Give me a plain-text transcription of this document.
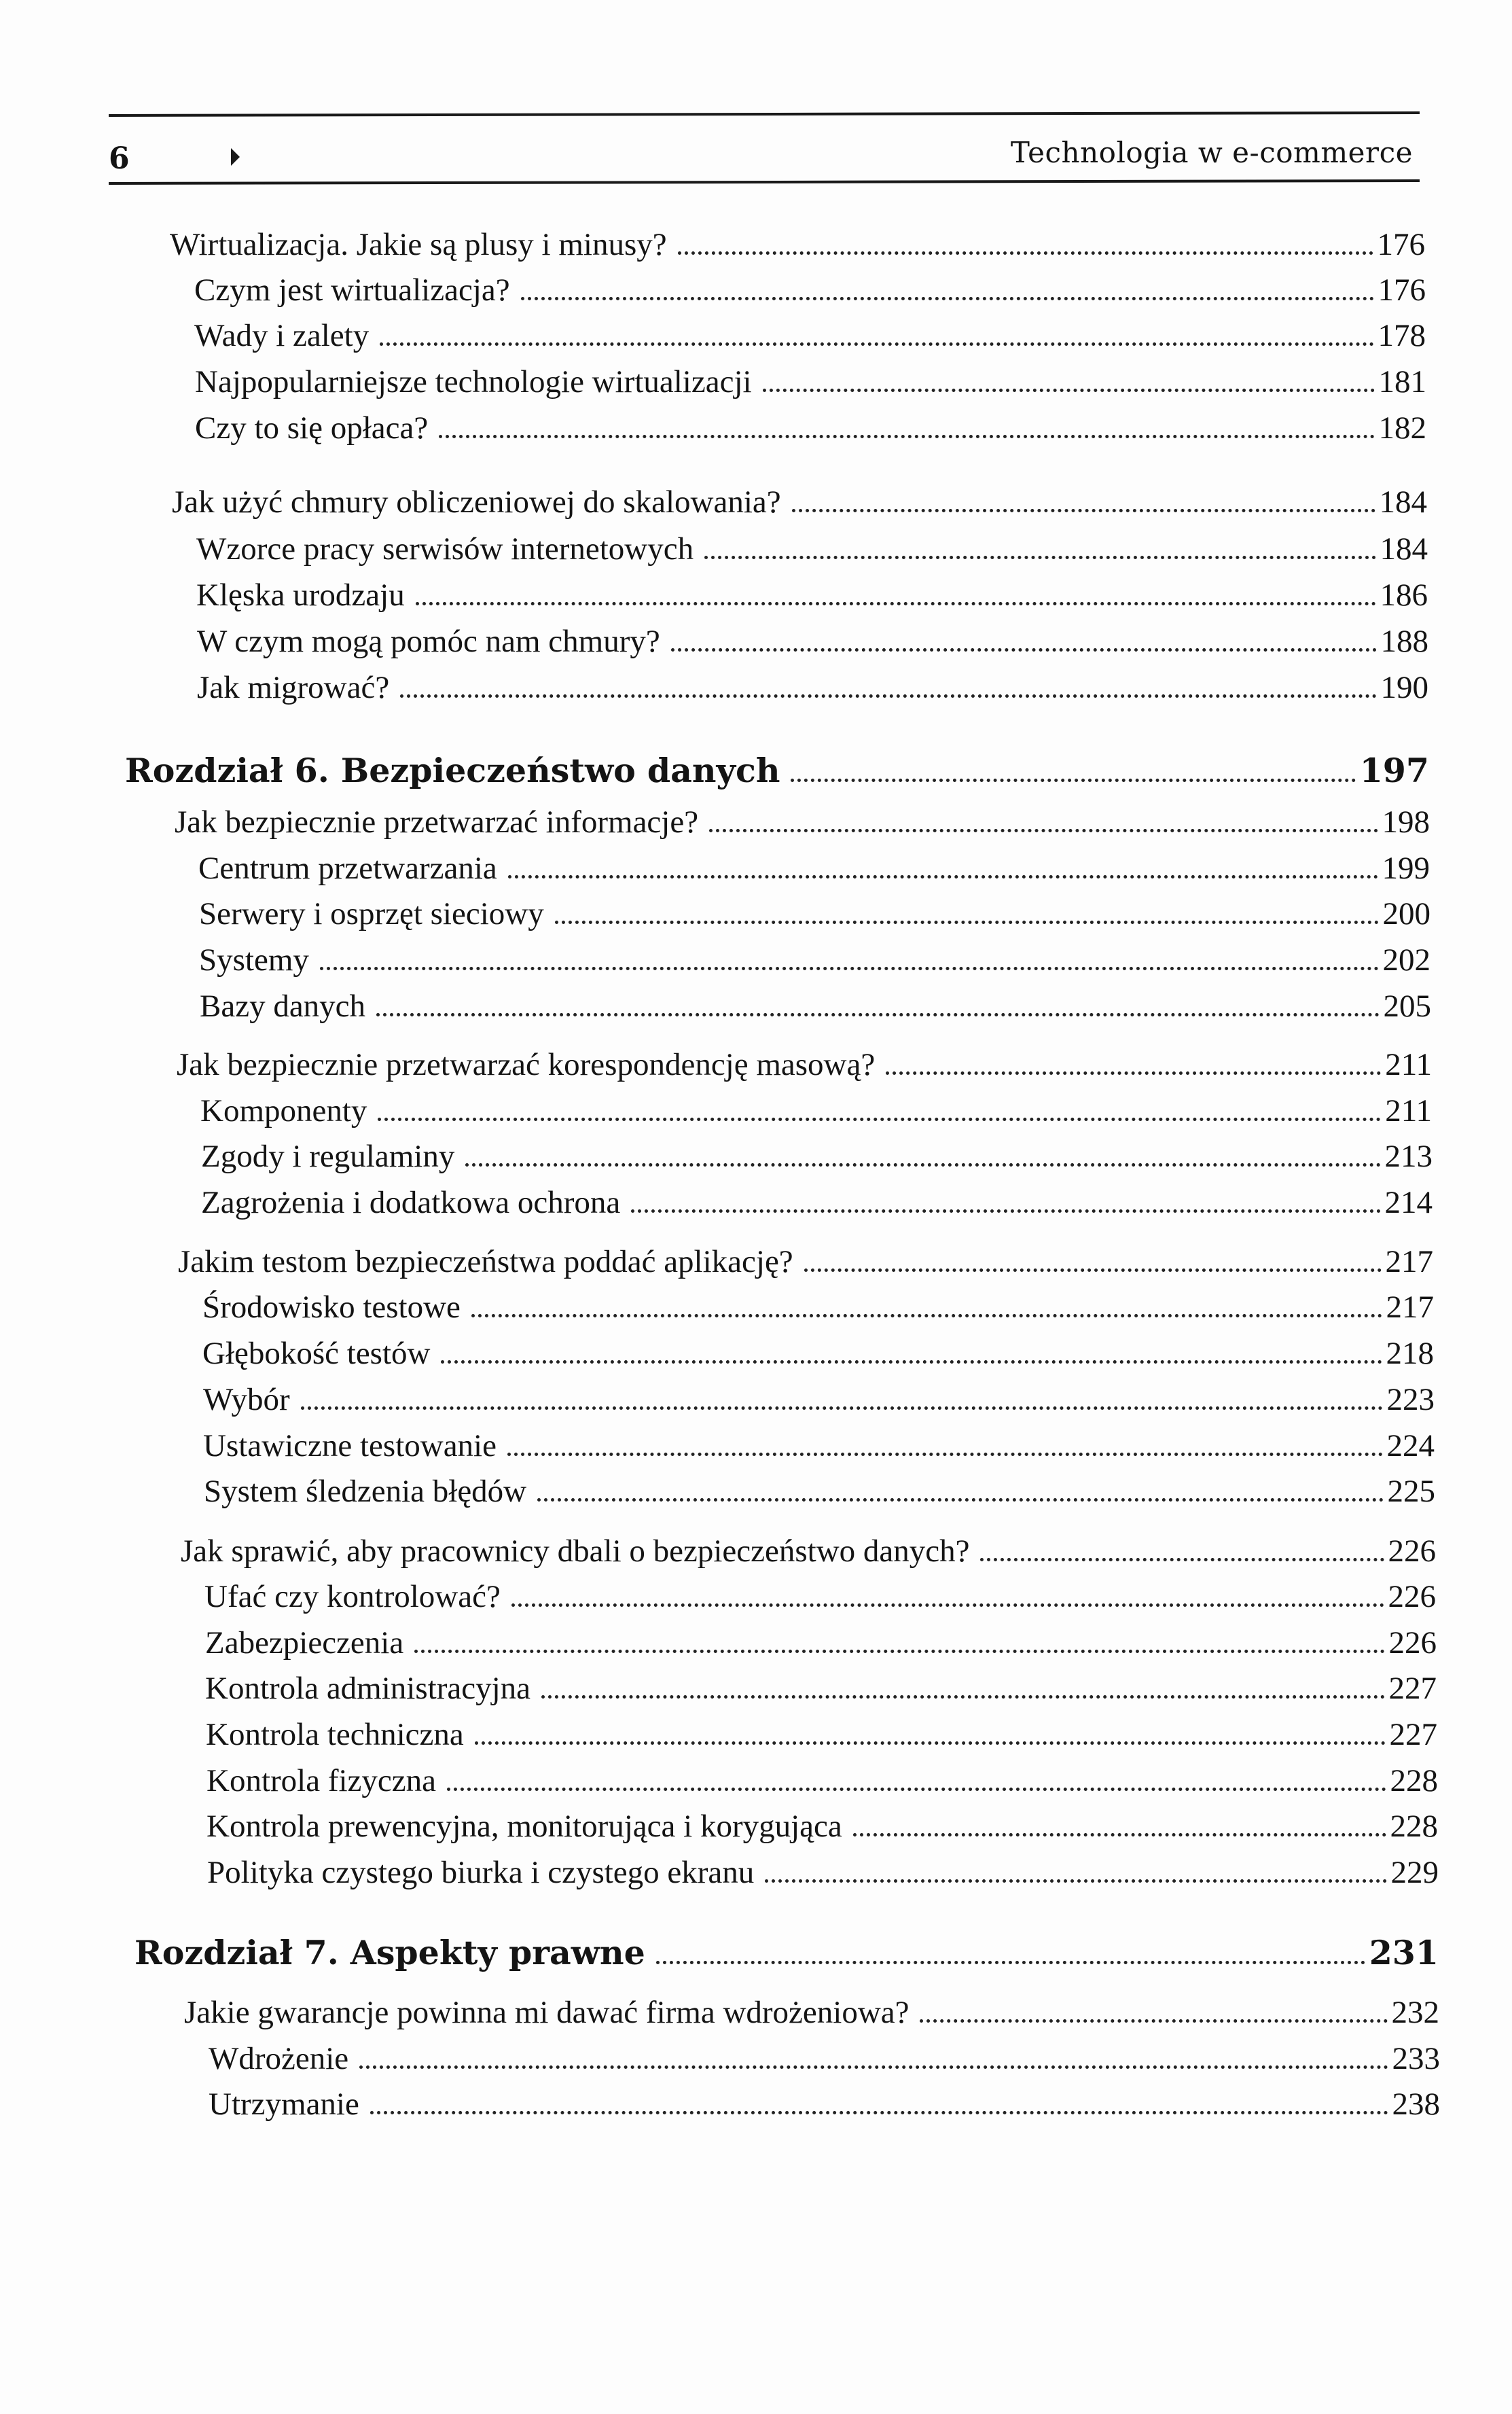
6	Technologia w e-commerce
Wirtualizacja. Jakie są plusy i minusy?	176
Czym jest wirtualizacja?	176
Wady i zalety	178
Najpopularniejsze technologie wirtualizacji	181
Czy to się opłaca?	182
Jak użyć chmury obliczeniowej do skalowania?	184
Wzorce pracy serwisów internetowych	184
Klęska urodzaju	186
W czym mogą pomóc nam chmury?	188
Jak migrować?	190
Rozdział 6. Bezpieczeństwo danych	197
Jak bezpiecznie przetwarzać informacje?	198
Centrum przetwarzania	199
Serwery i osprzęt sieciowy	200
Systemy	202
Bazy danych	205
Jak bezpiecznie przetwarzać korespondencję masową?	211
Komponenty	211
Zgody i regulaminy	213
Zagrożenia i dodatkowa ochrona	214
Jakim testom bezpieczeństwa poddać aplikację?	217
Środowisko testowe	217
Głębokość testów	218
Wybór	223
Ustawiczne testowanie	224
System śledzenia błędów	225
Jak sprawić, aby pracownicy dbali o bezpieczeństwo danych?	226
Ufać czy kontrolować?	226
Zabezpieczenia	226
Kontrola administracyjna	227
Kontrola techniczna	227
Kontrola fizyczna	228
Kontrola prewencyjna, monitorująca i korygująca	228
Polityka czystego biurka i czystego ekranu	229
Rozdział 7. Aspekty prawne	231
Jakie gwarancje powinna mi dawać firma wdrożeniowa?	232
Wdrożenie	233
Utrzymanie	238
